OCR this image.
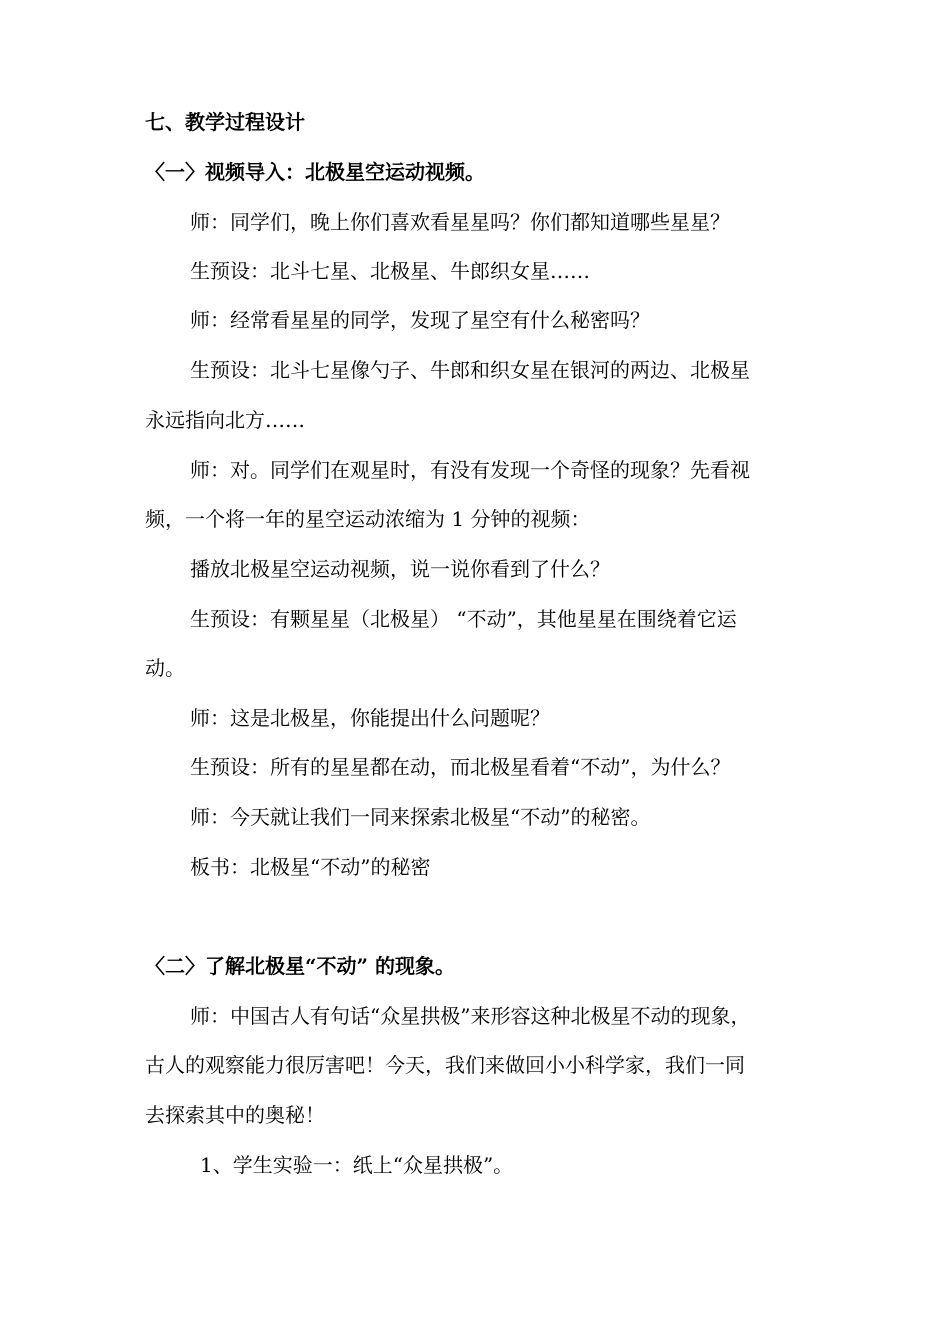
七、教学过程设计
〈一〉视频导入：北极星空运动视频。
师：同学们，晚上你们喜欢看星星吗？你们都知道哪些星星？
生预设：北斗七星、北极星、牛郎织女星……
师：经常看星星的同学，发现了星空有什么秘密吗？
生预设：北斗七星像勺子、牛郎和织女星在银河的两边、北极星
永远指向北方……
师：对。同学们在观星时，有没有发现一个奇怪的现象？先看视
频，一个将一年的星空运动浓缩为 1 分钟的视频：
播放北极星空运动视频，说一说你看到了什么？
生预设：有颗星星（北极星） “不动”，其他星星在围绕着它运
动。
师：这是北极星，你能提出什么问题呢？
生预设：所有的星星都在动，而北极星看着“不动”，为什么？
师：今天就让我们一同来探索北极星“不动”的秘密。
板书：北极星“不动”的秘密
〈二〉了解北极星“不动” 的现象。
师：中国古人有句话“众星拱极”来形容这种北极星不动的现象，
古人的观察能力很厉害吧！今天，我们来做回小小科学家，我们一同
去探索其中的奥秘！
1、学生实验一：纸上“众星拱极”。
